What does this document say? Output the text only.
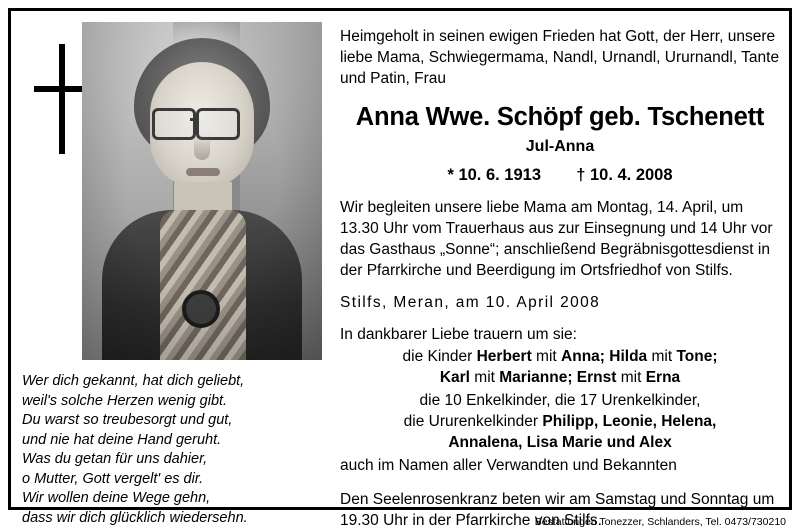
Wer dich gekannt, hat dich geliebt,
weil's solche Herzen wenig gibt.
Du warst so treubesorgt und gut,
und nie hat deine Hand geruht.
Was du getan für uns dahier,
o Mutter, Gott vergelt' es dir.
Wir wollen deine Wege gehn,
dass wir dich glücklich wiedersehn.
Heimgeholt in seinen ewigen Frieden hat Gott, der Herr, unsere liebe Mama, Schwiegermama, Nandl, Urnandl, Ururnandl, Tante und Patin, Frau
Anna Wwe. Schöpf geb. Tschenett
Jul-Anna
* 10. 6. 1913 † 10. 4. 2008
Wir begleiten unsere liebe Mama am Montag, 14. April, um 13.30 Uhr vom Trauerhaus aus zur Einsegnung und 14 Uhr vor das Gasthaus „Sonne“; anschließend Begräbnisgottesdienst in der Pfarrkirche und Beerdigung im Ortsfriedhof von Stilfs.
Stilfs, Meran, am 10. April 2008
In dankbarer Liebe trauern um sie:
die Kinder Herbert mit Anna; Hilda mit Tone;
Karl mit Marianne; Ernst mit Erna
die 10 Enkelkinder, die 17 Urenkelkinder,
die Ururenkelkinder Philipp, Leonie, Helena,
Annalena, Lisa Marie und Alex
auch im Namen aller Verwandten und Bekannten
Den Seelenrosenkranz beten wir am Samstag und Sonntag um 19.30 Uhr in der Pfarrkirche von Stilfs.
Bestattungen Tonezzer, Schlanders, Tel. 0473/730210
